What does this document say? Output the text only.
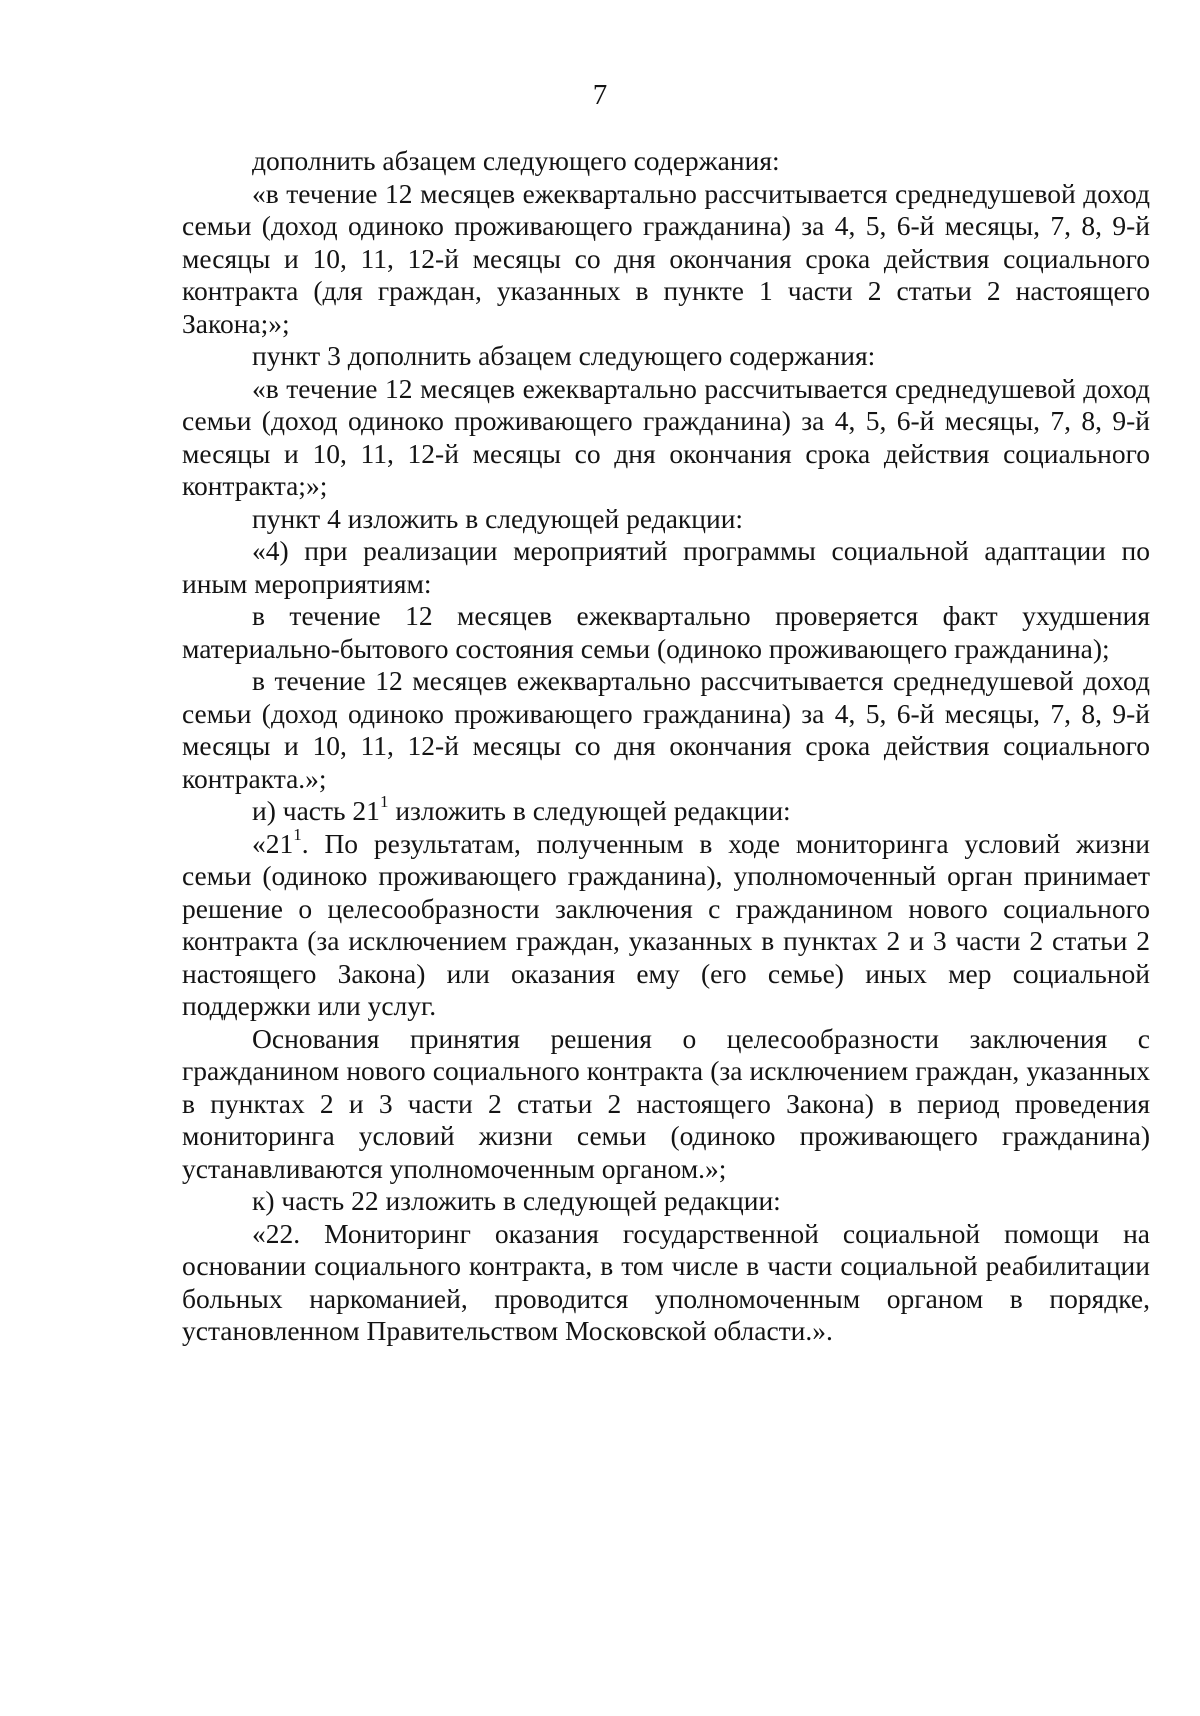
7

дополнить абзацем следующего содержания:

«в течение 12 месяцев ежеквартально рассчитывается среднедушевой доход семьи (доход одиноко проживающего гражданина) за 4, 5, 6-й месяцы, 7, 8, 9-й месяцы и 10, 11, 12-й месяцы со дня окончания срока действия социального контракта (для граждан, указанных в пункте 1 части 2 статьи 2 настоящего Закона;»;

пункт 3 дополнить абзацем следующего содержания:

«в течение 12 месяцев ежеквартально рассчитывается среднедушевой доход семьи (доход одиноко проживающего гражданина) за 4, 5, 6-й месяцы, 7, 8, 9-й месяцы и 10, 11, 12-й месяцы со дня окончания срока действия социального контракта;»;

пункт 4 изложить в следующей редакции:

«4) при реализации мероприятий программы социальной адаптации по иным мероприятиям:

в течение 12 месяцев ежеквартально проверяется факт ухудшения материально-бытового состояния семьи (одиноко проживающего гражданина);

в течение 12 месяцев ежеквартально рассчитывается среднедушевой доход семьи (доход одиноко проживающего гражданина) за 4, 5, 6-й месяцы, 7, 8, 9-й месяцы и 10, 11, 12-й месяцы со дня окончания срока действия социального контракта.»;

и) часть $21^1$ изложить в следующей редакции:

«$21^1$. По результатам, полученным в ходе мониторинга условий жизни семьи (одиноко проживающего гражданина), уполномоченный орган принимает решение о целесообразности заключения с гражданином нового социального контракта (за исключением граждан, указанных в пунктах 2 и 3 части 2 статьи 2 настоящего Закона) или оказания ему (его семье) иных мер социальной поддержки или услуг.

Основания принятия решения о целесообразности заключения с гражданином нового социального контракта (за исключением граждан, указанных в пунктах 2 и 3 части 2 статьи 2 настоящего Закона) в период проведения мониторинга условий жизни семьи (одиноко проживающего гражданина) устанавливаются уполномоченным органом.»;

к) часть 22 изложить в следующей редакции:

«22. Мониторинг оказания государственной социальной помощи на основании социального контракта, в том числе в части социальной реабилитации больных наркоманией, проводится уполномоченным органом в порядке, установленном Правительством Московской области.».
